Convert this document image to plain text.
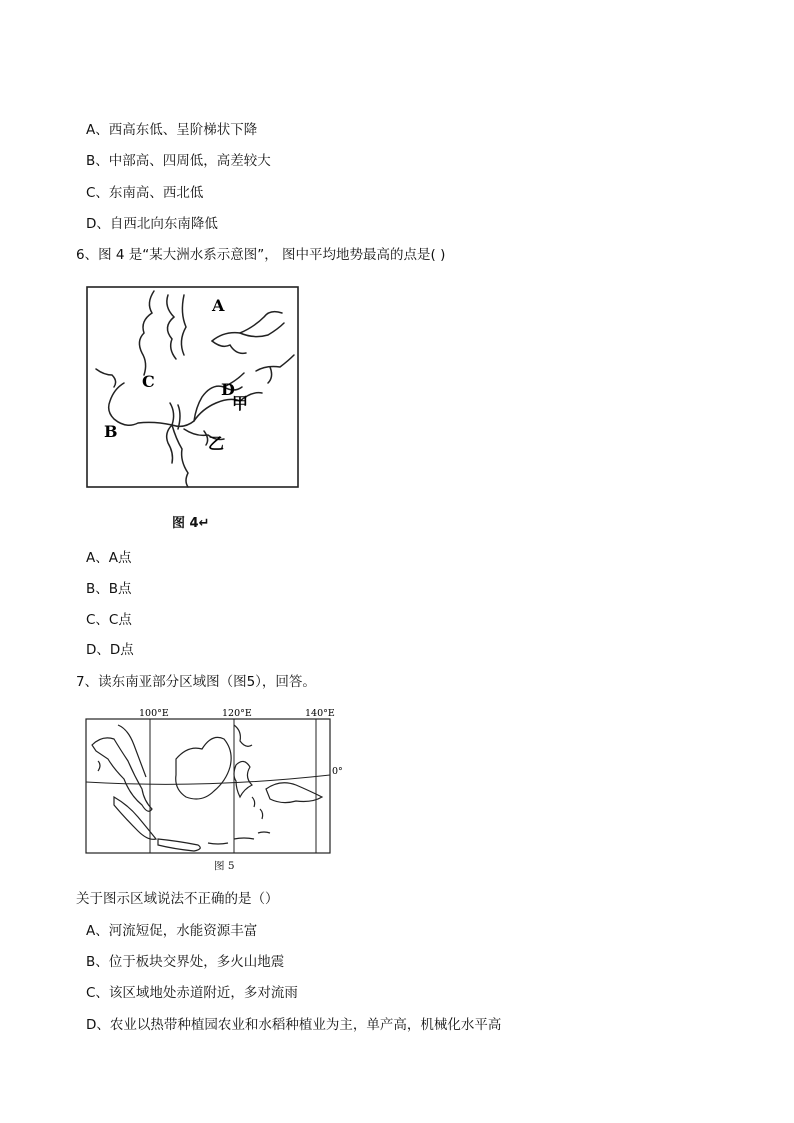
A、西高东低、呈阶梯状下降
B、中部高、四周低，高差较大
C、东南高、西北低
D、自西北向东南降低
6、图 4 是“某大洲水系示意图”， 图中平均地势最高的点是( )
A
C	D
甲
B
乙
图 4↵
A、A点
B、B点
C、C点
D、D点
7、读东南亚部分区域图（图5），回答。
100°E	120°E	140°E
0°
图 5
关于图示区域说法不正确的是（）
A、河流短促，水能资源丰富
B、位于板块交界处，多火山地震
C、该区域地处赤道附近，多对流雨
D、农业以热带种植园农业和水稻种植业为主，单产高，机械化水平高
